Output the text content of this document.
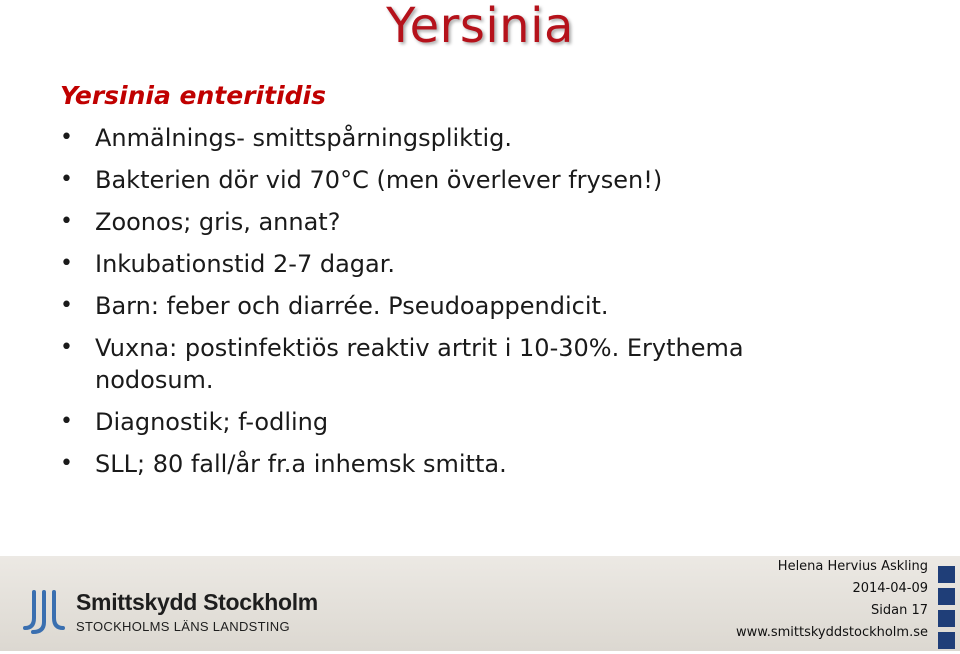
Yersinia
Yersinia enteritidis
• Anmälnings- smittspårningspliktig.
• Bakterien dör vid 70°C (men överlever frysen!)
• Zoonos; gris, annat?
• Inkubationstid 2-7 dagar.
• Barn: feber och diarrée. Pseudoappendicit.
• Vuxna: postinfektiös reaktiv artrit i 10-30%. Erythema nodosum.
• Diagnostik; f-odling
• SLL; 80 fall/år fr.a inhemsk smitta.
Smittskydd Stockholm
STOCKHOLMS LÄNS LANDSTING
Helena Hervius Askling
2014-04-09
Sidan 17
www.smittskyddstockholm.se
